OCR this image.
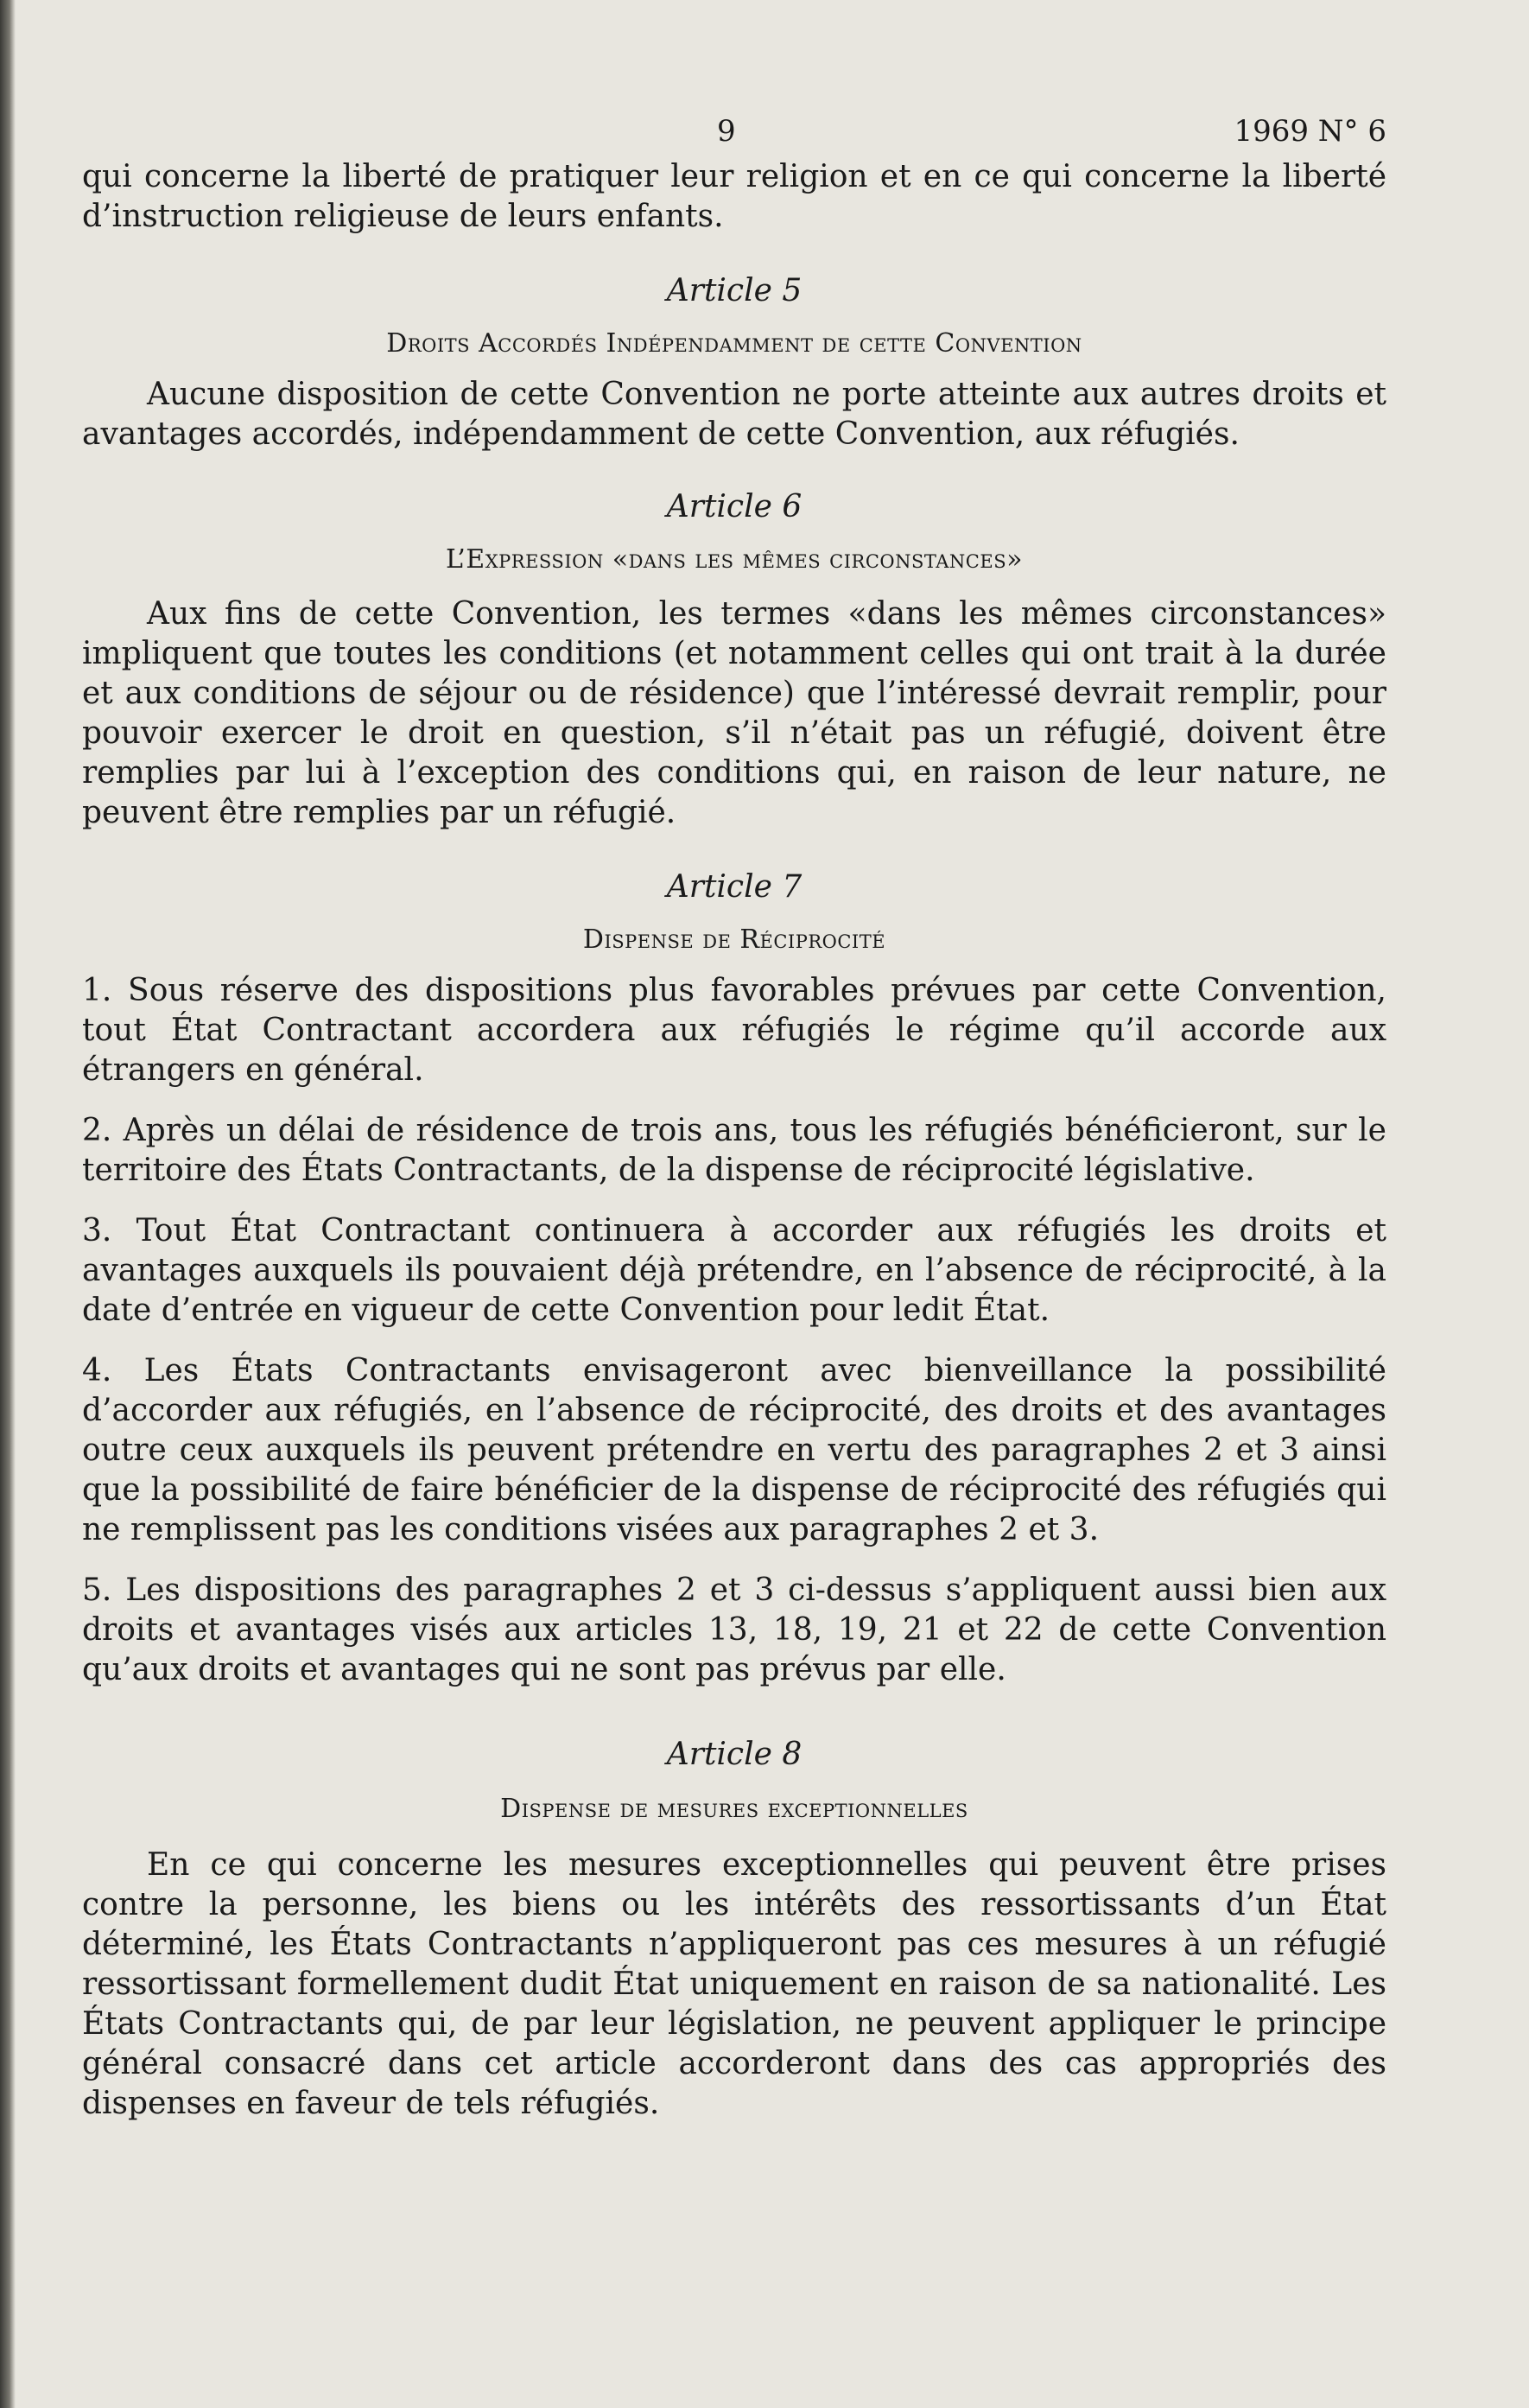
9	1969 N° 6

qui concerne la liberté de pratiquer leur religion et en ce qui concerne la liberté d’instruction religieuse de leurs enfants.

Article 5

Droits Accordés Indépendamment de cette Convention

Aucune disposition de cette Convention ne porte atteinte aux autres droits et avantages accordés, indépendamment de cette Convention, aux réfugiés.

Article 6

L’Expression «dans les mêmes circonstances»

Aux fins de cette Convention, les termes «dans les mêmes circonstances» impliquent que toutes les conditions (et notamment celles qui ont trait à la durée et aux conditions de séjour ou de résidence) que l’intéressé devrait remplir, pour pouvoir exercer le droit en question, s’il n’était pas un réfugié, doivent être remplies par lui à l’exception des conditions qui, en raison de leur nature, ne peuvent être remplies par un réfugié.

Article 7

Dispense de Réciprocité

1. Sous réserve des dispositions plus favorables prévues par cette Convention, tout État Contractant accordera aux réfugiés le régime qu’il accorde aux étrangers en général.

2. Après un délai de résidence de trois ans, tous les réfugiés bénéficieront, sur le territoire des États Contractants, de la dispense de réciprocité législative.

3. Tout État Contractant continuera à accorder aux réfugiés les droits et avantages auxquels ils pouvaient déjà prétendre, en l’absence de réciprocité, à la date d’entrée en vigueur de cette Convention pour ledit État.

4. Les États Contractants envisageront avec bienveillance la possibilité d’accorder aux réfugiés, en l’absence de réciprocité, des droits et des avantages outre ceux auxquels ils peuvent prétendre en vertu des paragraphes 2 et 3 ainsi que la possibilité de faire bénéficier de la dispense de réciprocité des réfugiés qui ne remplissent pas les conditions visées aux paragraphes 2 et 3.

5. Les dispositions des paragraphes 2 et 3 ci-dessus s’appliquent aussi bien aux droits et avantages visés aux articles 13, 18, 19, 21 et 22 de cette Convention qu’aux droits et avantages qui ne sont pas prévus par elle.

Article 8

Dispense de mesures exceptionnelles

En ce qui concerne les mesures exceptionnelles qui peuvent être prises contre la personne, les biens ou les intérêts des ressortissants d’un État déterminé, les États Contractants n’appliqueront pas ces mesures à un réfugié ressortissant formellement dudit État uniquement en raison de sa nationalité. Les États Contractants qui, de par leur législation, ne peuvent appliquer le principe général consacré dans cet article accorderont dans des cas appropriés des dispenses en faveur de tels réfugiés.
